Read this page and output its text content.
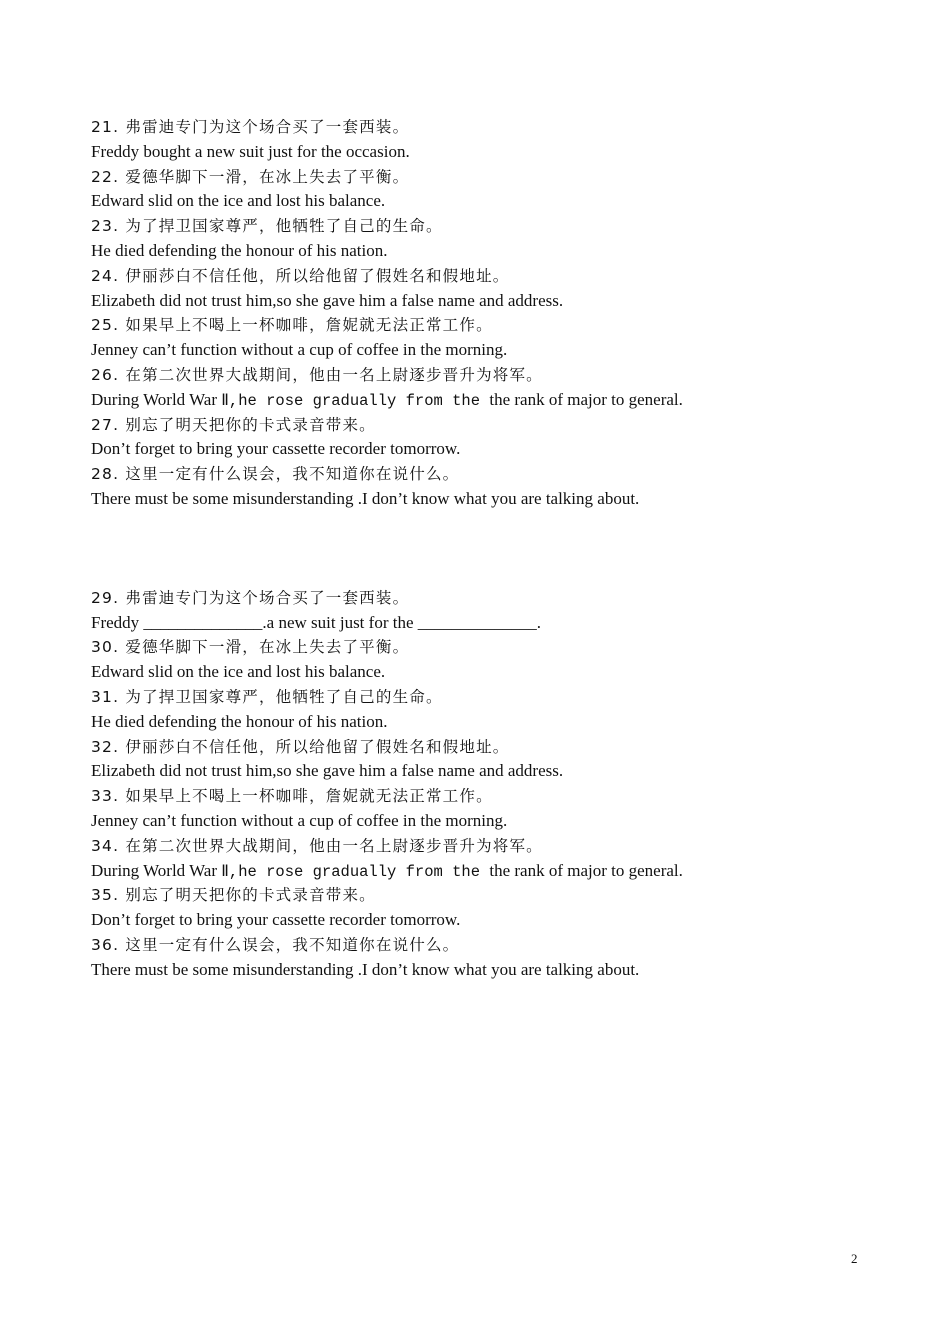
21. 弗雷迪专门为这个场合买了一套西装。
Freddy bought a new suit just for the occasion.
22. 爱德华脚下一滑，在冰上失去了平衡。
Edward slid on the ice and lost his balance.
23. 为了捍卫国家尊严，他牺牲了自己的生命。
He died defending the honour of his nation.
24. 伊丽莎白不信任他，所以给他留了假姓名和假地址。
Elizabeth did not trust him,so she gave him a false name and address.
25. 如果早上不喝上一杯咖啡，詹妮就无法正常工作。
Jenney can’t function without a cup of coffee in the morning.
26. 在第二次世界大战期间，他由一名上尉逐步晋升为将军。
During World War Ⅱ,he rose gradually from the the rank of major to general.
27. 别忘了明天把你的卡式录音带来。
Don’t forget to bring your cassette recorder tomorrow.
28. 这里一定有什么误会，我不知道你在说什么。
There must be some misunderstanding .I don’t know what you are talking about.
29. 弗雷迪专门为这个场合买了一套西装。
Freddy ______________.a new suit just for the ______________.
30. 爱德华脚下一滑，在冰上失去了平衡。
Edward slid on the ice and lost his balance.
31. 为了捍卫国家尊严，他牺牲了自己的生命。
He died defending the honour of his nation.
32. 伊丽莎白不信任他，所以给他留了假姓名和假地址。
Elizabeth did not trust him,so she gave him a false name and address.
33. 如果早上不喝上一杯咖啡，詹妮就无法正常工作。
Jenney can’t function without a cup of coffee in the morning.
34. 在第二次世界大战期间，他由一名上尉逐步晋升为将军。
During World War Ⅱ,he rose gradually from the the rank of major to general.
35. 别忘了明天把你的卡式录音带来。
Don’t forget to bring your cassette recorder tomorrow.
36. 这里一定有什么误会，我不知道你在说什么。
There must be some misunderstanding .I don’t know what you are talking about.
2
